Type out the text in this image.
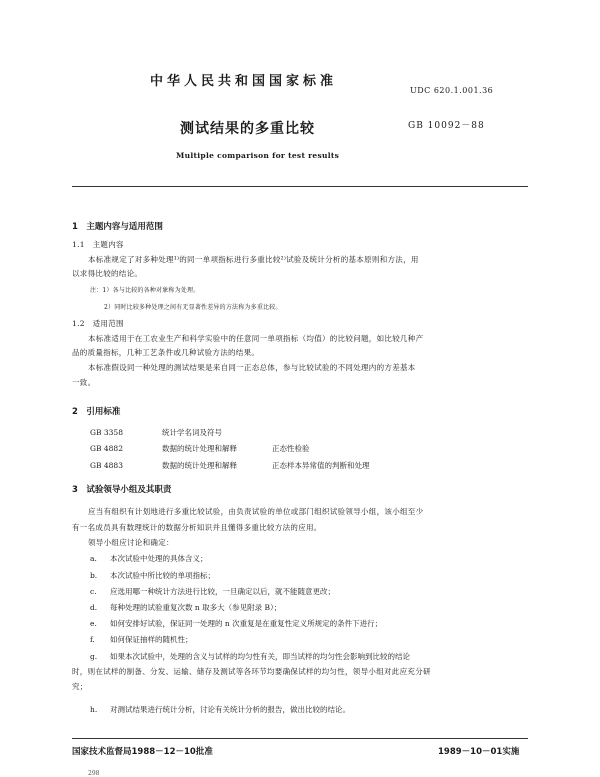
中华人民共和国国家标准
UDC 620.1.001.36
测试结果的多重比较	GB 10092－88
Multiple comparison for test results
1　主题内容与适用范围
1.1　主题内容
本标准规定了对多种处理¹⁾的同一单项指标进行多重比较²⁾试验及统计分析的基本原则和方法，用
以求得比较的结论。
注：1）各与比较的各种对象称为处理。
2）同时比较多种处理之间有无显著性差异的方法称为多重比较。
1.2　适用范围
本标准适用于在工农业生产和科学实验中的任意同一单项指标（均值）的比较问题，如比较几种产
品的质量指标，几种工艺条件或几种试验方法的结果。
本标准假设同一种处理的测试结果是来自同一正态总体，参与比较试验的不同处理内的方差基本
一致。
2　引用标准
GB 3358	统计学名词及符号
GB 4882	数据的统计处理和解释	正态性检验
GB 4883	数据的统计处理和解释	正态样本异常值的判断和处理
3　试验领导小组及其职责
应当有组织有计划地进行多重比较试验，由负责试验的单位或部门组织试验领导小组，该小组至少
有一名成员具有数理统计的数据分析知识并且懂得多重比较方法的应用。
领导小组应讨论和确定：
a. 本次试验中处理的具体含义；
b. 本次试验中所比较的单项指标；
c. 应选用哪一种统计方法进行比较，一旦确定以后，就不能随意更改；
d. 每种处理的试验重复次数 n 取多大（参见附录 B）；
e. 如何安排好试验，保证同一处理的 n 次重复是在重复性定义所规定的条件下进行；
f. 如何保证抽样的随机性；
g. 如果本次试验中，处理的含义与试样的均匀性有关，即当试样的均匀性会影响到比较的结论
时，则在试样的制备、分发、运输、储存及测试等各环节均要确保试样的均匀性，领导小组对此应充分研
究；
h. 对测试结果进行统计分析，讨论有关统计分析的报告，做出比较的结论。
国家技术监督局1988－12－10批准	1989－10－01实施
298
